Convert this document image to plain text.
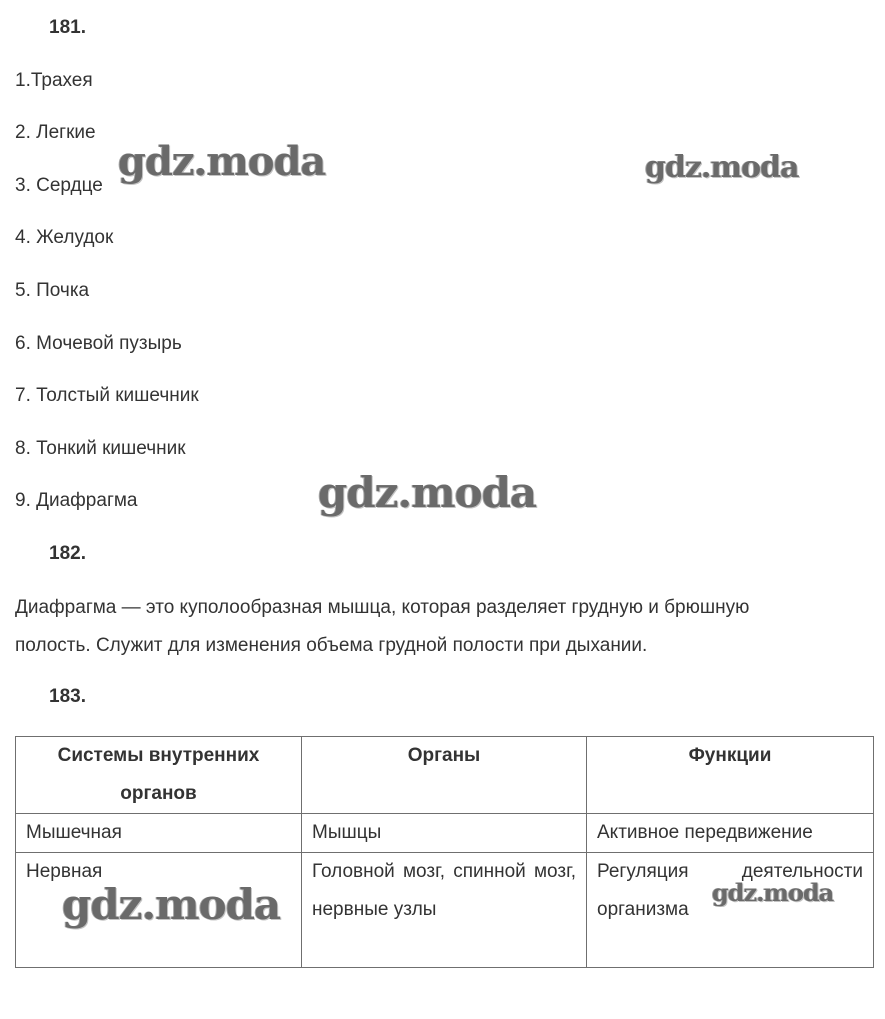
181.
1.Трахея
2. Легкие
3. Сердце
4. Желудок
5. Почка
6. Мочевой пузырь
7. Толстый кишечник
8. Тонкий кишечник
9. Диафрагма
182.
Диафрагма — это куполообразная мышца, которая разделяет грудную и брюшную
полость. Служит для изменения объема грудной полости при дыхании.
183.
Системы внутренних органов	Органы	Функции
Мышечная	Мышцы	Активное передвижение
Нервная	Головной мозг, спинной мозг, нервные узлы	Регуляция деятельности организма
gdz.moda	gdz.moda
gdz.moda
gdz.moda	gdz.moda
